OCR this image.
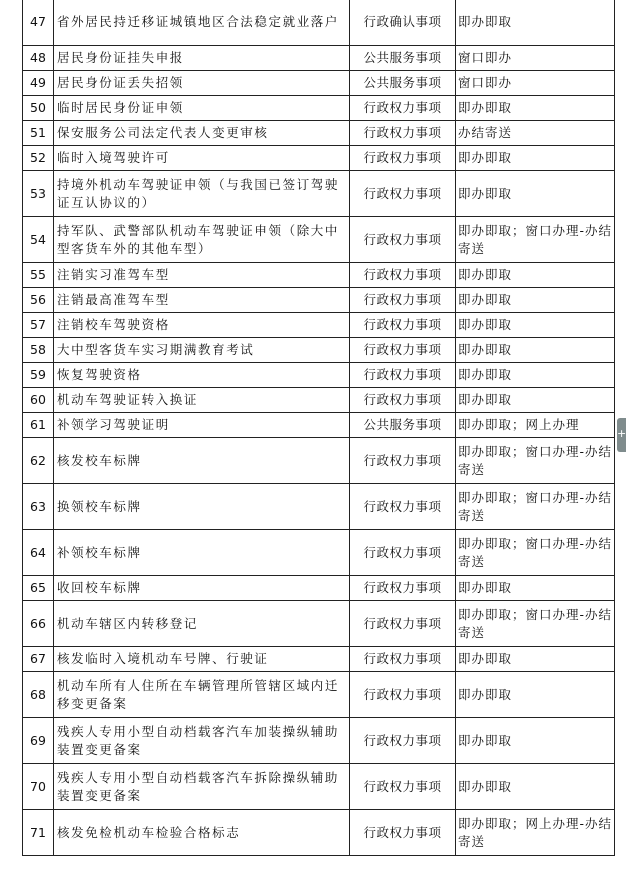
47	省外居民持迁移证城镇地区合法稳定就业落户	行政确认事项	即办即取
48	居民身份证挂失申报	公共服务事项	窗口即办
49	居民身份证丢失招领	公共服务事项	窗口即办
50	临时居民身份证申领	行政权力事项	即办即取
51	保安服务公司法定代表人变更审核	行政权力事项	办结寄送
52	临时入境驾驶许可	行政权力事项	即办即取
53	持境外机动车驾驶证申领（与我国已签订驾驶证互认协议的）	行政权力事项	即办即取
54	持军队、武警部队机动车驾驶证申领（除大中型客货车外的其他车型）	行政权力事项	即办即取；窗口办理-办结寄送
55	注销实习准驾车型	行政权力事项	即办即取
56	注销最高准驾车型	行政权力事项	即办即取
57	注销校车驾驶资格	行政权力事项	即办即取
58	大中型客货车实习期满教育考试	行政权力事项	即办即取
59	恢复驾驶资格	行政权力事项	即办即取
60	机动车驾驶证转入换证	行政权力事项	即办即取
61	补领学习驾驶证明	公共服务事项	即办即取；网上办理
62	核发校车标牌	行政权力事项	即办即取；窗口办理-办结寄送
63	换领校车标牌	行政权力事项	即办即取；窗口办理-办结寄送
64	补领校车标牌	行政权力事项	即办即取；窗口办理-办结寄送
65	收回校车标牌	行政权力事项	即办即取
66	机动车辖区内转移登记	行政权力事项	即办即取；窗口办理-办结寄送
67	核发临时入境机动车号牌、行驶证	行政权力事项	即办即取
68	机动车所有人住所在车辆管理所管辖区域内迁移变更备案	行政权力事项	即办即取
69	残疾人专用小型自动档载客汽车加装操纵辅助装置变更备案	行政权力事项	即办即取
70	残疾人专用小型自动档载客汽车拆除操纵辅助装置变更备案	行政权力事项	即办即取
71	核发免检机动车检验合格标志	行政权力事项	即办即取；网上办理-办结寄送
+
